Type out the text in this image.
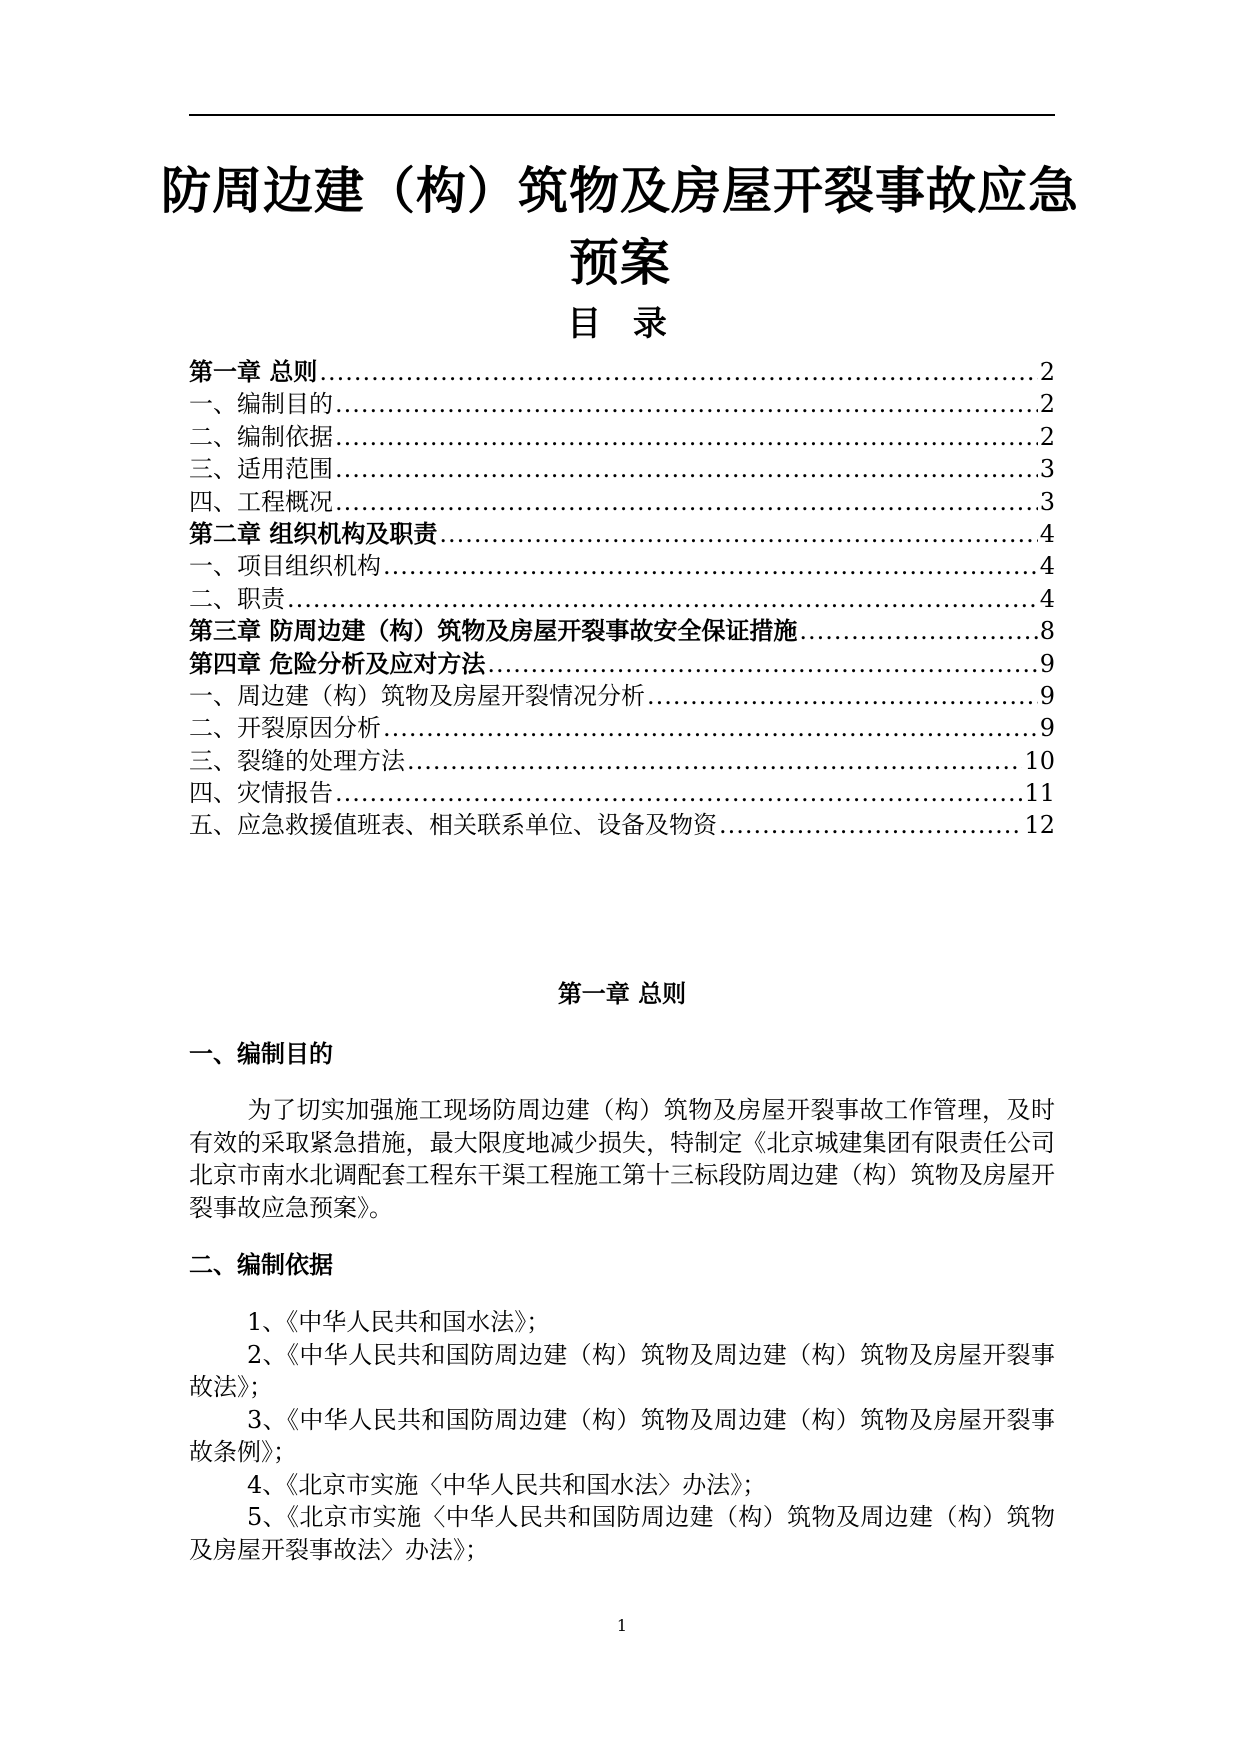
防周边建（构）筑物及房屋开裂事故应急预案
目 录
第一章 总则 .....	2
一、编制目的 .....	2
二、编制依据 .....	2
三、适用范围 .....	3
四、工程概况 .....	3
第二章 组织机构及职责 .....	4
一、项目组织机构 .....	4
二、职责 .....	4
第三章 防周边建（构）筑物及房屋开裂事故安全保证措施 .....	8
第四章 危险分析及应对方法 .....	9
一、周边建（构）筑物及房屋开裂情况分析 .....	9
二、开裂原因分析 .....	9
三、裂缝的处理方法 .....	10
四、灾情报告 .....	11
五、应急救援值班表、相关联系单位、设备及物资 .....	12
第一章 总则
一、编制目的
为了切实加强施工现场防周边建（构）筑物及房屋开裂事故工作管理，及时有效的采取紧急措施，最大限度地减少损失，特制定《北京城建集团有限责任公司北京市南水北调配套工程东干渠工程施工第十三标段防周边建（构）筑物及房屋开裂事故应急预案》。
二、编制依据
1、《中华人民共和国水法》；
2、《中华人民共和国防周边建（构）筑物及周边建（构）筑物及房屋开裂事故法》；
3、《中华人民共和国防周边建（构）筑物及周边建（构）筑物及房屋开裂事故条例》；
4、《北京市实施〈中华人民共和国水法〉办法》；
5、《北京市实施〈中华人民共和国防周边建（构）筑物及周边建（构）筑物及房屋开裂事故法〉办法》；
1
